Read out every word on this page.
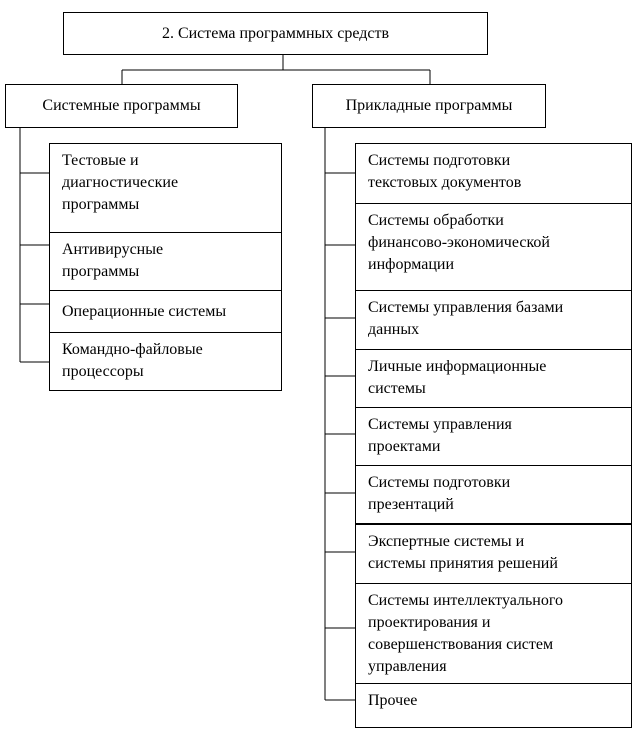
2. Система программных средств
Системные программы	Прикладные программы
Тестовые и
диагностические
программы
Антивирусные
программы
Операционные системы
Командно-файловые
процессоры
Системы подготовки
текстовых документов
Системы обработки
финансово-экономической
информации
Системы управления базами
данных
Личные информационные
системы
Системы управления
проектами
Системы подготовки
презентаций
Экспертные системы и
системы принятия решений
Системы интеллектуального
проектирования и
совершенствования систем
управления
Прочее
